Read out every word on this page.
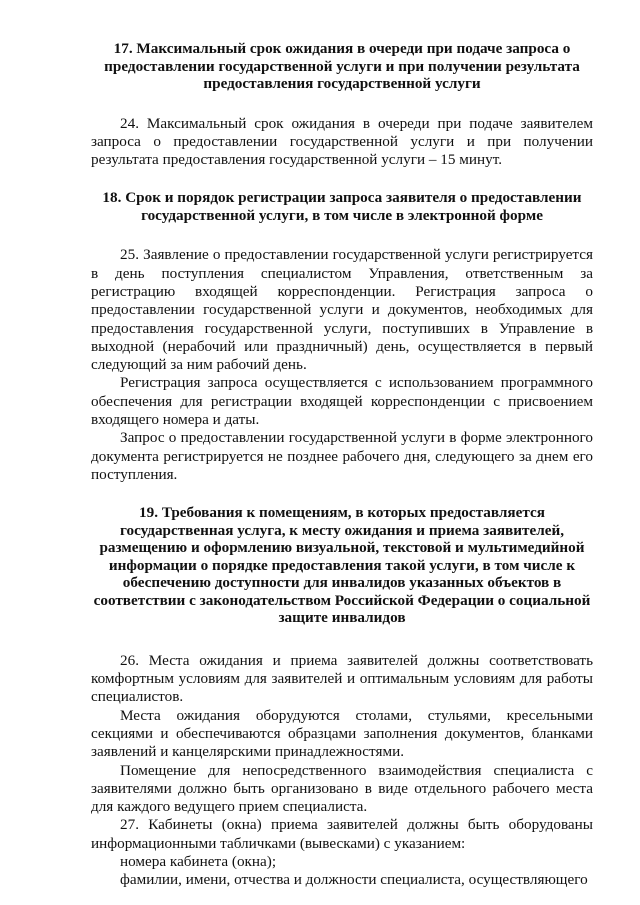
17. Максимальный срок ожидания в очереди при подаче запроса о предоставлении государственной услуги и при получении результата предоставления государственной услуги

24. Максимальный срок ожидания в очереди при подаче заявителем запроса о предоставлении государственной услуги и при получении результата предоставления государственной услуги – 15 минут.

18. Срок и порядок регистрации запроса заявителя о предоставлении государственной услуги, в том числе в электронной форме

25. Заявление о предоставлении государственной услуги регистрируется в день поступления специалистом Управления, ответственным за регистрацию входящей корреспонденции. Регистрация запроса о предоставлении государственной услуги и документов, необходимых для предоставления государственной услуги, поступивших в Управление в выходной (нерабочий или праздничный) день, осуществляется в первый следующий за ним рабочий день.

Регистрация запроса осуществляется с использованием программного обеспечения для регистрации входящей корреспонденции с присвоением входящего номера и даты.

Запрос о предоставлении государственной услуги в форме электронного документа регистрируется не позднее рабочего дня, следующего за днем его поступления.

19. Требования к помещениям, в которых предоставляется государственная услуга, к месту ожидания и приема заявителей, размещению и оформлению визуальной, текстовой и мультимедийной информации о порядке предоставления такой услуги, в том числе к обеспечению доступности для инвалидов указанных объектов в соответствии с законодательством Российской Федерации о социальной защите инвалидов

26. Места ожидания и приема заявителей должны соответствовать комфортным условиям для заявителей и оптимальным условиям для работы специалистов.

Места ожидания оборудуются столами, стульями, кресельными секциями и обеспечиваются образцами заполнения документов, бланками заявлений и канцелярскими принадлежностями.

Помещение для непосредственного взаимодействия специалиста с заявителями должно быть организовано в виде отдельного рабочего места для каждого ведущего прием специалиста.

27. Кабинеты (окна) приема заявителей должны быть оборудованы информационными табличками (вывесками) с указанием:

номера кабинета (окна);

фамилии, имени, отчества и должности специалиста, осуществляющего
